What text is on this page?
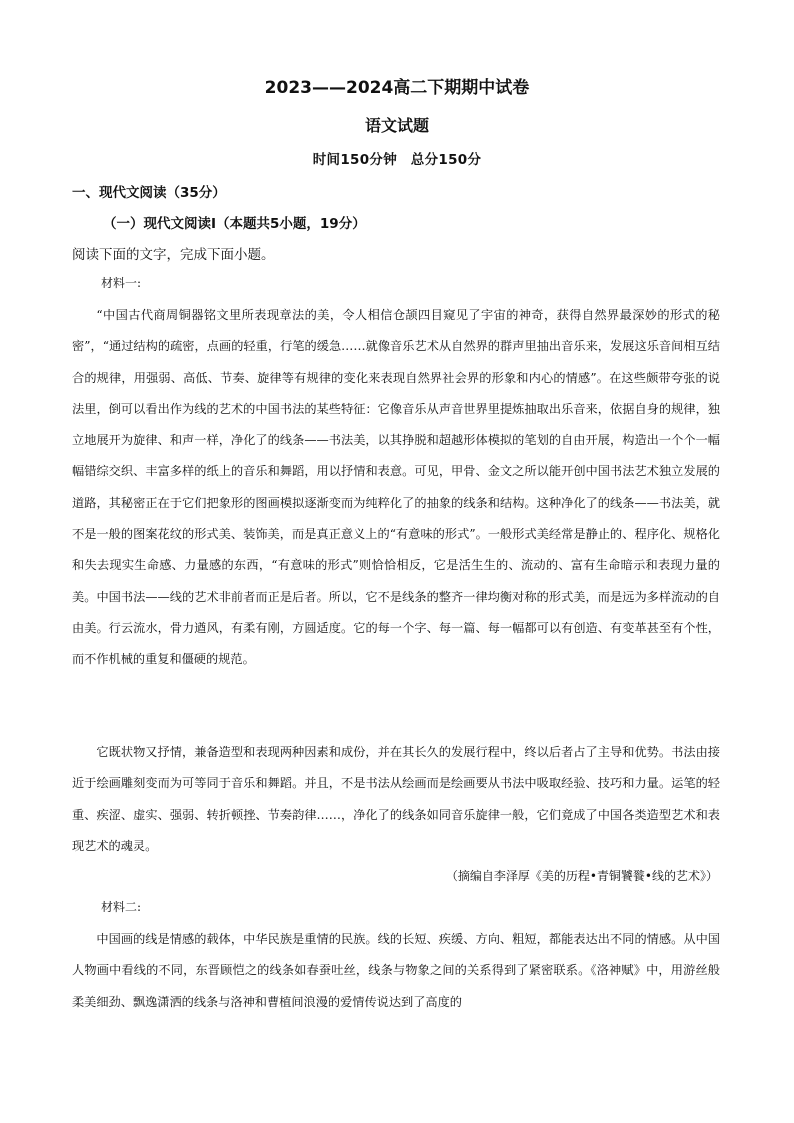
2023——2024高二下期期中试卷
语文试题
时间150分钟　总分150分
一、现代文阅读（35分）
（一）现代文阅读Ⅰ（本题共5小题，19分）
阅读下面的文字，完成下面小题。
材料一:

“中国古代商周铜器铭文里所表现章法的美，令人相信仓颉四目窥见了宇宙的神奇，获得自然界最深妙的形式的秘密”，“通过结构的疏密，点画的轻重，行笔的缓急……就像音乐艺术从自然界的群声里抽出音乐来，发展这乐音间相互结合的规律，用强弱、高低、节奏、旋律等有规律的变化来表现自然界社会界的形象和内心的情感”。在这些颇带夸张的说法里，倒可以看出作为线的艺术的中国书法的某些特征：它像音乐从声音世界里提炼抽取出乐音来，依据自身的规律，独立地展开为旋律、和声一样，净化了的线条——书法美，以其挣脱和超越形体模拟的笔划的自由开展，构造出一个个一幅幅错综交织、丰富多样的纸上的音乐和舞蹈，用以抒情和表意。可见，甲骨、金文之所以能开创中国书法艺术独立发展的道路，其秘密正在于它们把象形的图画模拟逐渐变而为纯粹化了的抽象的线条和结构。这种净化了的线条——书法美，就不是一般的图案花纹的形式美、装饰美，而是真正意义上的“有意味的形式”。一般形式美经常是静止的、程序化、规格化和失去现实生命感、力量感的东西，“有意味的形式”则恰恰相反，它是活生生的、流动的、富有生命暗示和表现力量的美。中国书法——线的艺术非前者而正是后者。所以，它不是线条的整齐一律均衡对称的形式美，而是远为多样流动的自由美。行云流水，骨力遒风，有柔有刚，方圆适度。它的每一个字、每一篇、每一幅都可以有创造、有变革甚至有个性，而不作机械的重复和僵硬的规范。

它既状物又抒情，兼备造型和表现两种因素和成份，并在其长久的发展行程中，终以后者占了主导和优势。书法由接近于绘画雕刻变而为可等同于音乐和舞蹈。并且，不是书法从绘画而是绘画要从书法中吸取经验、技巧和力量。运笔的轻重、疾涩、虚实、强弱、转折顿挫、节奏韵律……，净化了的线条如同音乐旋律一般，它们竟成了中国各类造型艺术和表现艺术的魂灵。

（摘编自李泽厚《美的历程•青铜饕餮•线的艺术》）
材料二:

中国画的线是情感的载体，中华民族是重情的民族。线的长短、疾缓、方向、粗短，都能表达出不同的情感。从中国人物画中看线的不同，东晋顾恺之的线条如春蚕吐丝，线条与物象之间的关系得到了紧密联系。《洛神赋》中，用游丝般柔美细劲、飘逸潇洒的线条与洛神和曹植间浪漫的爱情传说达到了高度的
